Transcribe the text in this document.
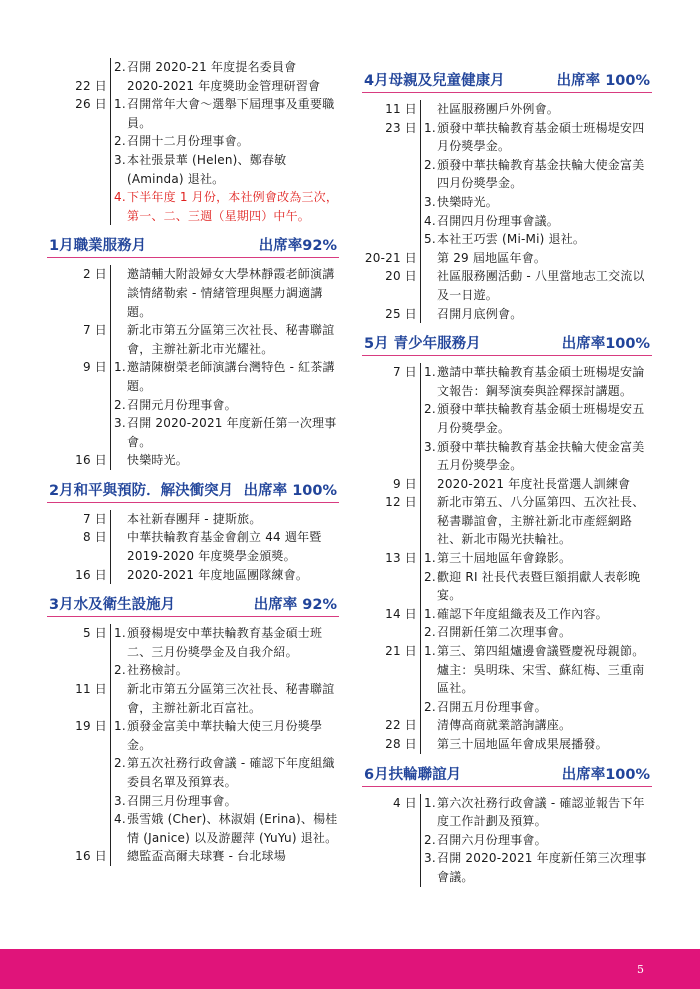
2. 召開 2020-21 年度提名委員會
22 日 2020-2021 年度獎助金管理研習會
26 日 1. 召開常年大會～選舉下屆理事及重要職員。
2. 召開十二月份理事會。
3. 本社張景華 (Helen)、鄭春敏 (Aminda) 退社。
4. 下半年度 1 月份，本社例會改為三次，第一、二、三週（星期四）中午。
1月職業服務月	出席率92%
2 日 邀請輔大附設婦女大學林靜霞老師演講談情緒勒索 - 情緒管理與壓力調適講題。
7 日 新北市第五分區第三次社長、秘書聯誼會，主辦社新北市光耀社。
9 日 1. 邀請陳樹榮老師演講台灣特色 - 紅茶講題。
2. 召開元月份理事會。
3. 召開 2020-2021 年度新任第一次理事會。
16 日 快樂時光。
2月和平與預防．解決衝突月 出席率 100%
7 日 本社新春團拜 - 捷斯旅。
8 日 中華扶輪教育基金會創立 44 週年暨 2019-2020 年度獎學金頒獎。
16 日 2020-2021 年度地區團隊練會。
3月水及衛生設施月	出席率 92%
5 日 1. 頒發楊堤安中華扶輪教育基金碩士班二、三月份獎學金及自我介紹。
2. 社務檢討。
11 日 新北市第五分區第三次社長、秘書聯誼會，主辦社新北百富社。
19 日 1. 頒發金富美中華扶輪大使三月份獎學金。
2. 第五次社務行政會議 - 確認下年度組織委員名單及預算表。
3. 召開三月份理事會。
4. 張雪娥 (Cher)、林淑娟 (Erina)、楊桂情 (Janice) 以及游麗萍 (YuYu) 退社。
16 日 總監盃高爾夫球賽 - 台北球場
4月母親及兒童健康月	出席率 100%
11 日 社區服務團戶外例會。
23 日 1. 頒發中華扶輪教育基金碩士班楊堤安四月份獎學金。
2. 頒發中華扶輪教育基金扶輪大使金富美四月份獎學金。
3. 快樂時光。
4. 召開四月份理事會議。
5. 本社王巧雲 (Mi-Mi) 退社。
20-21 日 第 29 屆地區年會。
20 日 社區服務團活動 - 八里當地志工交流以及一日遊。
25 日 召開月底例會。
5月 青少年服務月	出席率100%
7 日 1. 邀請中華扶輪教育基金碩士班楊堤安論文報告：鋼琴演奏與詮釋探討講題。
2. 頒發中華扶輪教育基金碩士班楊堤安五月份獎學金。
3. 頒發中華扶輪教育基金扶輪大使金富美五月份獎學金。
9 日 2020-2021 年度社長當選人訓練會
12 日 新北市第五、八分區第四、五次社長、秘書聯誼會，主辦社新北市產經網路社、新北市陽光扶輪社。
13 日 1. 第三十屆地區年會錄影。
2. 歡迎 RI 社長代表暨巨額捐獻人表彰晚宴。
14 日 1. 確認下年度組織表及工作內容。
2. 召開新任第二次理事會。
21 日 1. 第三、第四組爐邊會議暨慶祝母親節。
爐主：吳明珠、宋雪、蘇紅梅、三重南區社。
2. 召開五月份理事會。
22 日 清傳高商就業諮詢講座。
28 日 第三十屆地區年會成果展播發。
6月扶輪聯誼月	出席率100%
4 日 1. 第六次社務行政會議 - 確認並報告下年度工作計劃及預算。
2. 召開六月份理事會。
3. 召開 2020-2021 年度新任第三次理事會議。
5
